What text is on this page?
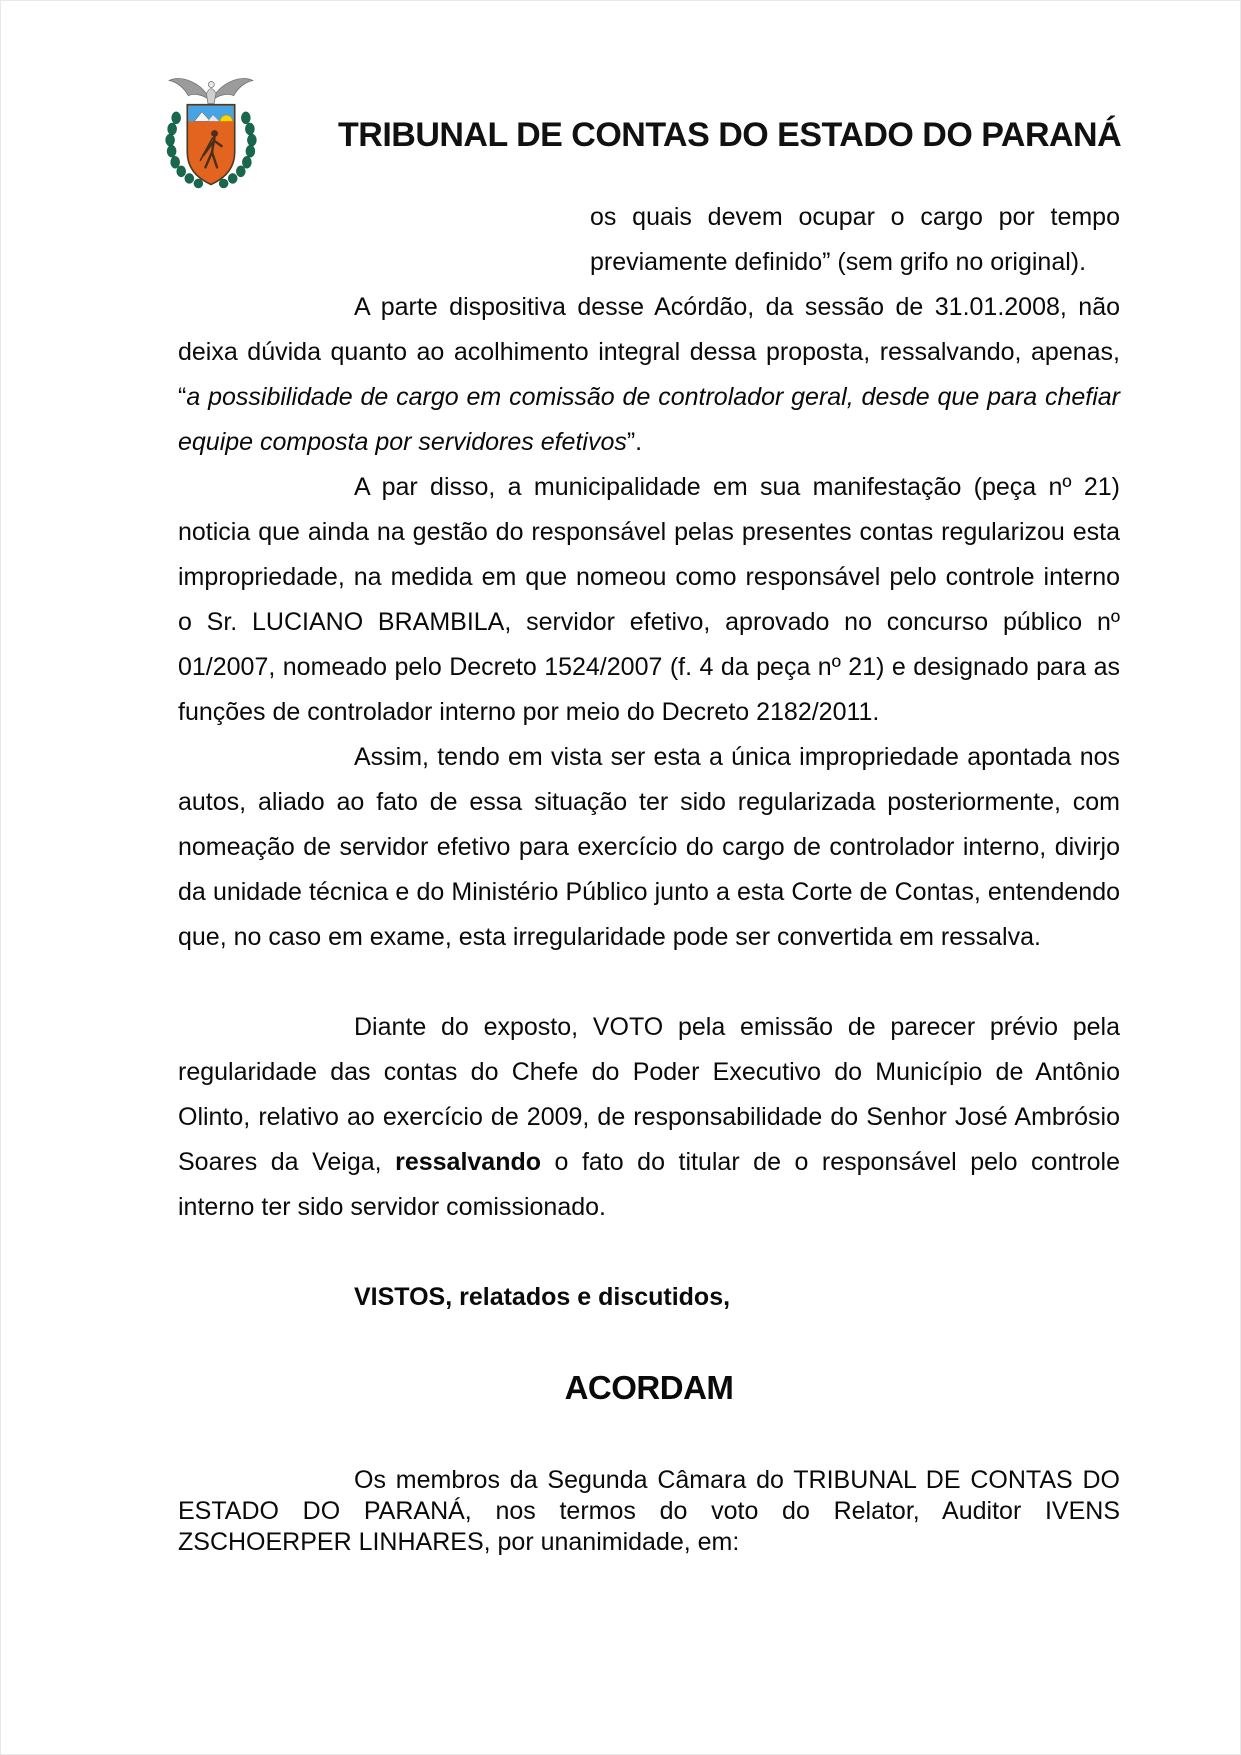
TRIBUNAL DE CONTAS DO ESTADO DO PARANÁ
os quais devem ocupar o cargo por tempo previamente definido” (sem grifo no original).

A parte dispositiva desse Acórdão, da sessão de 31.01.2008, não deixa dúvida quanto ao acolhimento integral dessa proposta, ressalvando, apenas, “a possibilidade de cargo em comissão de controlador geral, desde que para chefiar equipe composta por servidores efetivos”.

A par disso, a municipalidade em sua manifestação (peça nº 21) noticia que ainda na gestão do responsável pelas presentes contas regularizou esta impropriedade, na medida em que nomeou como responsável pelo controle interno o Sr. LUCIANO BRAMBILA, servidor efetivo, aprovado no concurso público nº 01/2007, nomeado pelo Decreto 1524/2007 (f. 4 da peça nº 21) e designado para as funções de controlador interno por meio do Decreto 2182/2011.

Assim, tendo em vista ser esta a única impropriedade apontada nos autos, aliado ao fato de essa situação ter sido regularizada posteriormente, com nomeação de servidor efetivo para exercício do cargo de controlador interno, divirjo da unidade técnica e do Ministério Público junto a esta Corte de Contas, entendendo que, no caso em exame, esta irregularidade pode ser convertida em ressalva.

Diante do exposto, VOTO pela emissão de parecer prévio pela regularidade das contas do Chefe do Poder Executivo do Município de Antônio Olinto, relativo ao exercício de 2009, de responsabilidade do Senhor José Ambrósio Soares da Veiga, ressalvando o fato do titular de o responsável pelo controle interno ter sido servidor comissionado.

VISTOS, relatados e discutidos,

ACORDAM

Os membros da Segunda Câmara do TRIBUNAL DE CONTAS DO ESTADO DO PARANÁ, nos termos do voto do Relator, Auditor IVENS ZSCHOERPER LINHARES, por unanimidade, em:
